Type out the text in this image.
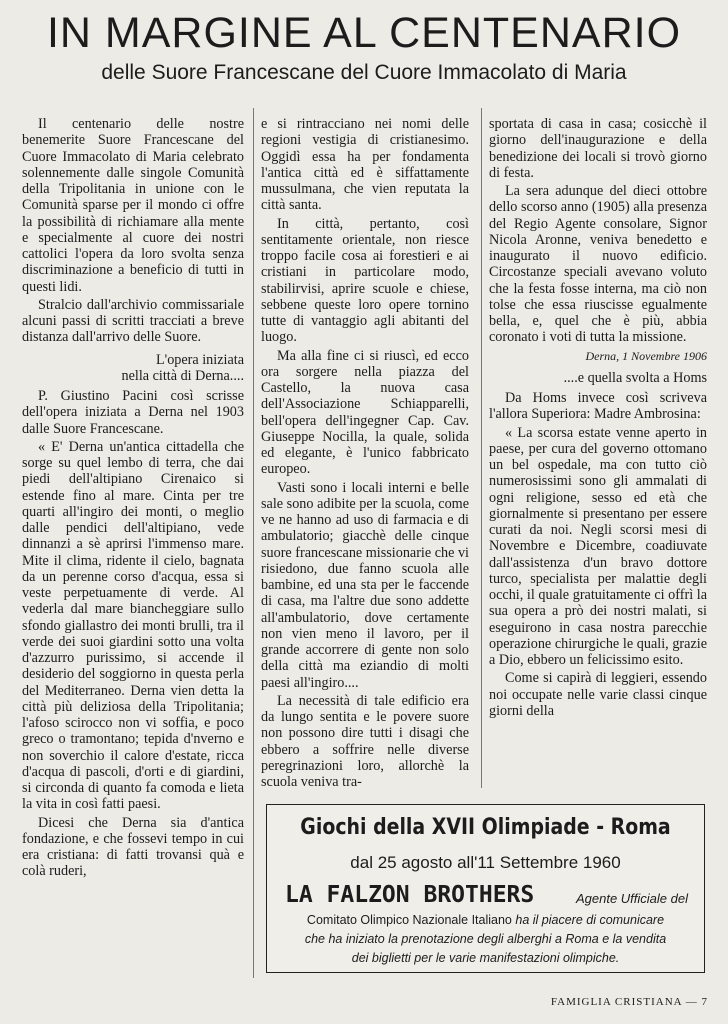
IN MARGINE AL CENTENARIO
delle Suore Francescane del Cuore Immacolato di Maria

Il centenario delle nostre benemerite Suore Francescane del Cuore Immacolato di Maria celebrato solennemente dalle singole Comunità della Tripolitania in unione con le Comunità sparse per il mondo ci offre la possibilità di richiamare alla mente e specialmente al cuore dei nostri cattolici l'opera da loro svolta senza discriminazione a beneficio di tutti in questi lidi.

Stralcio dall'archivio commissariale alcuni passi di scritti tracciati a breve distanza dall'arrivo delle Suore.

L'opera iniziata
nella città di Derna....

P. Giustino Pacini così scrisse dell'opera iniziata a Derna nel 1903 dalle Suore Francescane.

« E' Derna un'antica cittadella che sorge su quel lembo di terra, che dai piedi dell'altipiano Cirenaico si estende fino al mare. Cinta per tre quarti all'ingiro dei monti, o meglio dalle pendici dell'altipiano, vede dinnanzi a sè aprirsi l'immenso mare. Mite il clima, ridente il cielo, bagnata da un perenne corso d'acqua, essa si veste perpetuamente di verde. Al vederla dal mare biancheggiare sullo sfondo giallastro dei monti brulli, tra il verde dei suoi giardini sotto una volta d'azzurro purissimo, si accende il desiderio del soggiorno in questa perla del Mediterraneo. Derna vien detta la città più deliziosa della Tripolitania; l'afoso scirocco non vi soffia, e poco greco o tramontano; tepida d'nverno e non soverchio il calore d'estate, ricca d'acqua di pascoli, d'orti e di giardini, si circonda di quanto fa comoda e lieta la vita in così fatti paesi.

Dicesi che Derna sia d'antica fondazione, e che fossevi tempo in cui era cristiana: di fatti trovansi quà e colà ruderi,

e si rintracciano nei nomi delle regioni vestigia di cristianesimo. Oggidì essa ha per fondamenta l'antica città ed è siffattamente mussulmana, che vien reputata la città santa.

In città, pertanto, così sentitamente orientale, non riesce troppo facile cosa ai forestieri e ai cristiani in particolare modo, stabilirvisi, aprire scuole e chiese, sebbene queste loro opere tornino tutte di vantaggio agli abitanti del luogo.

Ma alla fine ci si riuscì, ed ecco ora sorgere nella piazza del Castello, la nuova casa dell'Associazione Schiapparelli, bell'opera dell'ingegner Cap. Cav. Giuseppe Nocilla, la quale, solida ed elegante, è l'unico fabbricato europeo.

Vasti sono i locali interni e belle sale sono adibite per la scuola, come ve ne hanno ad uso di farmacia e di ambulatorio; giacchè delle cinque suore francescane missionarie che vi risiedono, due fanno scuola alle bambine, ed una sta per le faccende di casa, ma l'altre due sono addette all'ambulatorio, dove certamente non vien meno il lavoro, per il grande accorrere di gente non solo della città ma eziandio di molti paesi all'ingiro....

La necessità di tale edificio era da lungo sentita e le povere suore non possono dire tutti i disagi che ebbero a soffrire nelle diverse peregrinazioni loro, allorchè la scuola veniva tra-

sportata di casa in casa; cosicchè il giorno dell'inaugurazione e della benedizione dei locali si trovò giorno di festa.

La sera adunque del dieci ottobre dello scorso anno (1905) alla presenza del Regio Agente consolare, Signor Nicola Aronne, veniva benedetto e inaugurato il nuovo edificio. Circostanze speciali avevano voluto che la festa fosse interna, ma ciò non tolse che essa riuscisse egualmente bella, e, quel che è più, abbia coronato i voti di tutta la missione.

Derna, 1 Novembre 1906
....e quella svolta a Homs

Da Homs invece così scriveva l'allora Superiora: Madre Ambrosina:

« La scorsa estate venne aperto in paese, per cura del governo ottomano un bel ospedale, ma con tutto ciò numerosissimi sono gli ammalati di ogni religione, sesso ed età che giornalmente si presentano per essere curati da noi. Negli scorsi mesi di Novembre e Dicembre, coadiuvate dall'assistenza d'un bravo dottore turco, specialista per malattie degli occhi, il quale gratuitamente ci offrì la sua opera a prò dei nostri malati, si eseguirono in casa nostra parecchie operazione chirurgiche le quali, grazie a Dio, ebbero un felicissimo esito.

Come si capirà di leggieri, essendo noi occupate nelle varie classi cinque giorni della

Giochi della XVII Olimpiade - Roma
dal 25 agosto all'11 Settembre 1960
LA FALZON BROTHERS	Agente Ufficiale del
Comitato Olimpico Nazionale Italiano ha il piacere di comunicare
che ha iniziato la prenotazione degli alberghi a Roma e la vendita
dei biglietti per le varie manifestazioni olimpiche.
FAMIGLIA CRISTIANA — 7
